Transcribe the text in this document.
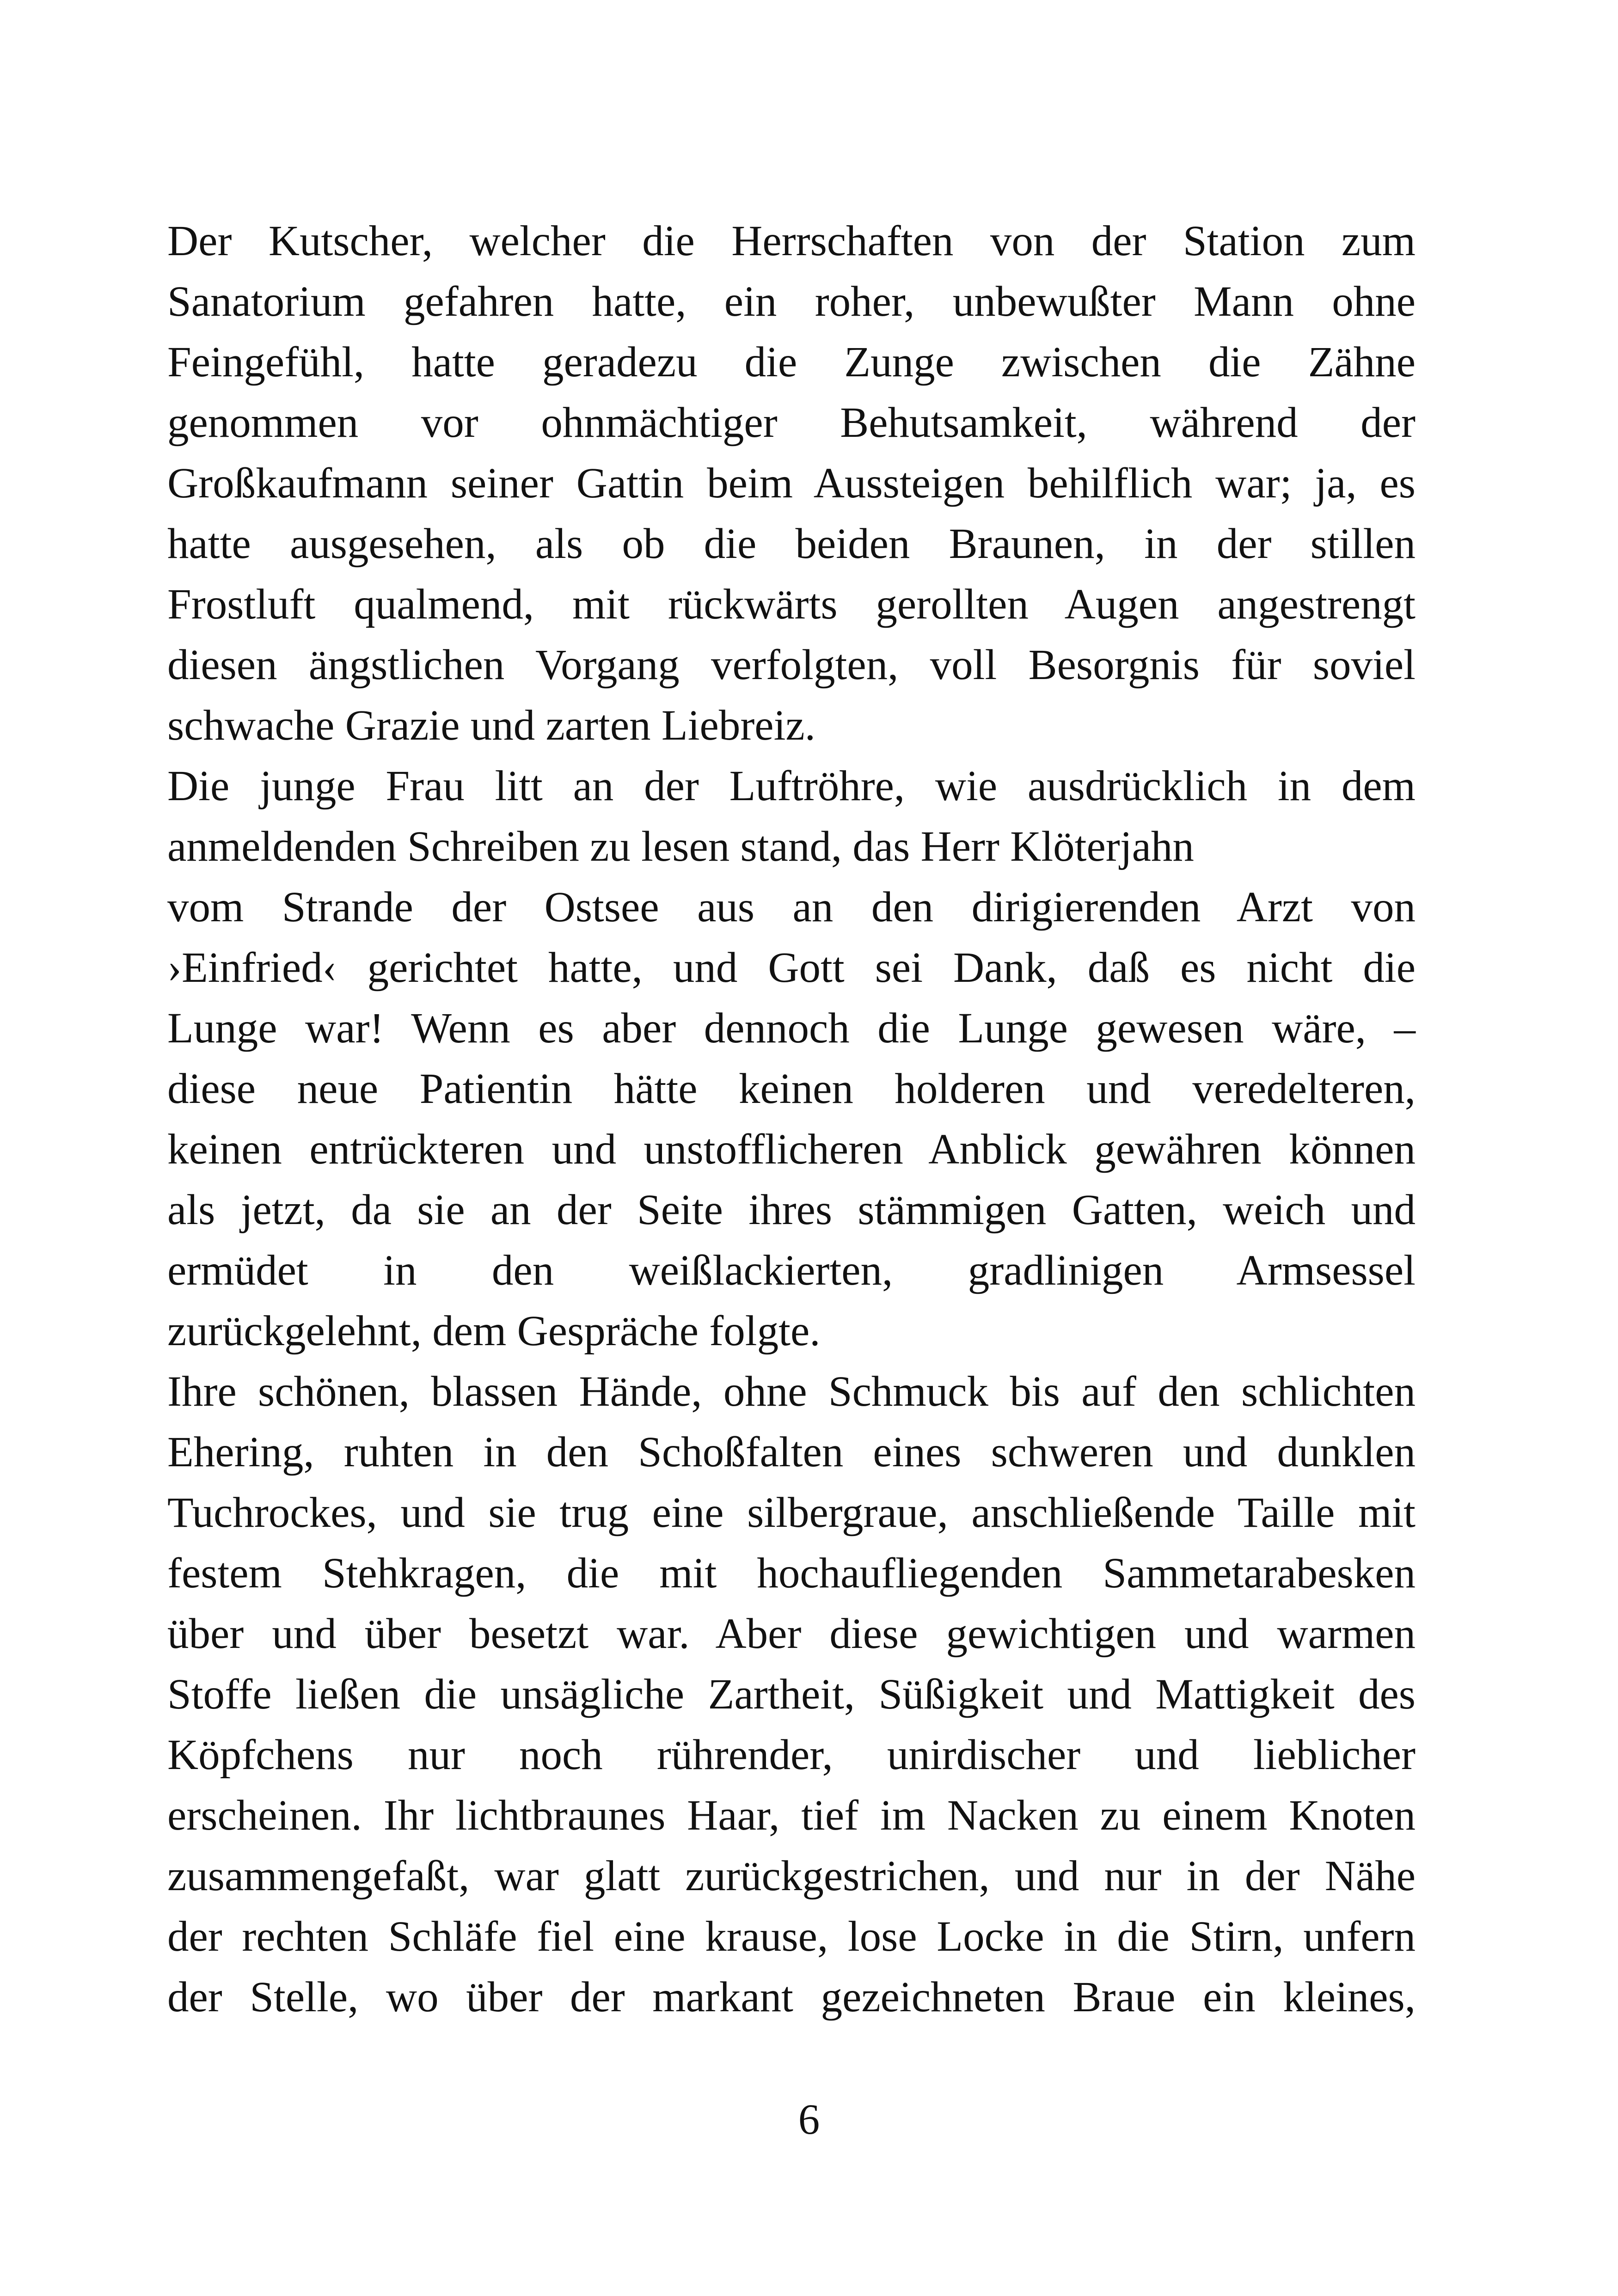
Der Kutscher, welcher die Herrschaften von der Station zum
Sanatorium gefahren hatte, ein roher, unbewußter Mann ohne
Feingefühl, hatte geradezu die Zunge zwischen die Zähne
genommen vor ohnmächtiger Behutsamkeit, während der
Großkaufmann seiner Gattin beim Aussteigen behilflich war; ja, es
hatte ausgesehen, als ob die beiden Braunen, in der stillen
Frostluft qualmend, mit rückwärts gerollten Augen angestrengt
diesen ängstlichen Vorgang verfolgten, voll Besorgnis für soviel
schwache Grazie und zarten Liebreiz.
Die junge Frau litt an der Luftröhre, wie ausdrücklich in dem
anmeldenden Schreiben zu lesen stand, das Herr Klöterjahn
vom Strande der Ostsee aus an den dirigierenden Arzt von
›Einfried‹ gerichtet hatte, und Gott sei Dank, daß es nicht die
Lunge war! Wenn es aber dennoch die Lunge gewesen wäre, –
diese neue Patientin hätte keinen holderen und veredelteren,
keinen entrückteren und unstofflicheren Anblick gewähren können
als jetzt, da sie an der Seite ihres stämmigen Gatten, weich und
ermüdet in den weißlackierten, gradlinigen Armsessel
zurückgelehnt, dem Gespräche folgte.
Ihre schönen, blassen Hände, ohne Schmuck bis auf den schlichten
Ehering, ruhten in den Schoßfalten eines schweren und dunklen
Tuchrockes, und sie trug eine silbergraue, anschließende Taille mit
festem Stehkragen, die mit hochaufliegenden Sammetarabesken
über und über besetzt war. Aber diese gewichtigen und warmen
Stoffe ließen die unsägliche Zartheit, Süßigkeit und Mattigkeit des
Köpfchens nur noch rührender, unirdischer und lieblicher
erscheinen. Ihr lichtbraunes Haar, tief im Nacken zu einem Knoten
zusammengefaßt, war glatt zurückgestrichen, und nur in der Nähe
der rechten Schläfe fiel eine krause, lose Locke in die Stirn, unfern
der Stelle, wo über der markant gezeichneten Braue ein kleines,
6
